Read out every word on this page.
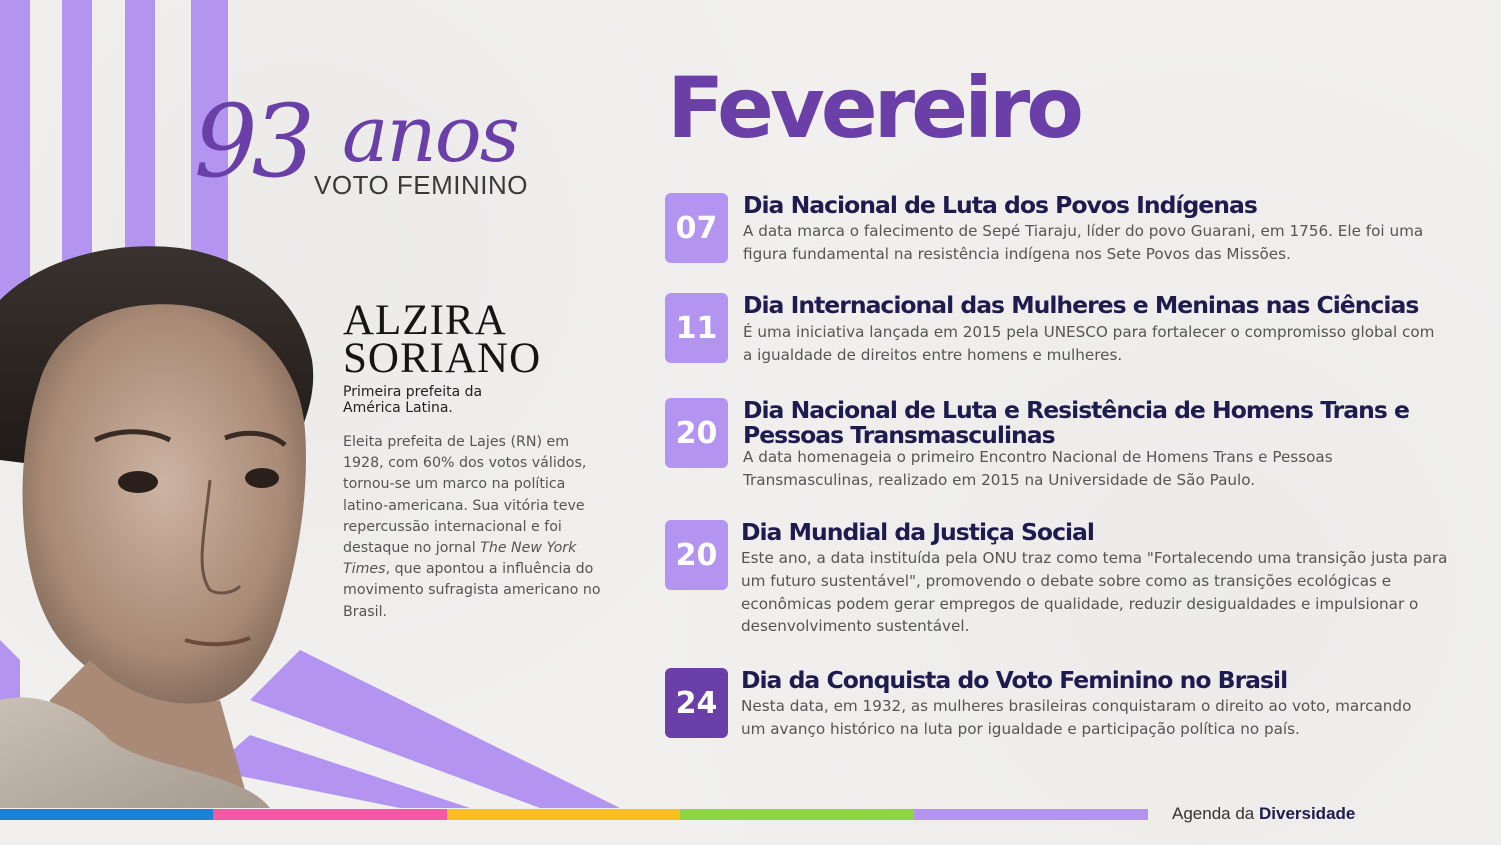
93 anos
VOTO FEMININO
ALZIRA
SORIANO
Primeira prefeita da América Latina.
Eleita prefeita de Lajes (RN) em 1928, com 60% dos votos válidos, tornou-se um marco na política latino-americana. Sua vitória teve repercussão internacional e foi destaque no jornal The New York Times, que apontou a influência do movimento sufragista americano no Brasil.
Fevereiro
07
Dia Nacional de Luta dos Povos Indígenas
A data marca o falecimento de Sepé Tiaraju, líder do povo Guarani, em 1756. Ele foi uma figura fundamental na resistência indígena nos Sete Povos das Missões.
11
Dia Internacional das Mulheres e Meninas nas Ciências
É uma iniciativa lançada em 2015 pela UNESCO para fortalecer o compromisso global com a igualdade de direitos entre homens e mulheres.
20
Dia Nacional de Luta e Resistência de Homens Trans e Pessoas Transmasculinas
A data homenageia o primeiro Encontro Nacional de Homens Trans e Pessoas Transmasculinas, realizado em 2015 na Universidade de São Paulo.
20
Dia Mundial da Justiça Social
Este ano, a data instituída pela ONU traz como tema "Fortalecendo uma transição justa para um futuro sustentável", promovendo o debate sobre como as transições ecológicas e econômicas podem gerar empregos de qualidade, reduzir desigualdades e impulsionar o desenvolvimento sustentável.
24
Dia da Conquista do Voto Feminino no Brasil
Nesta data, em 1932, as mulheres brasileiras conquistaram o direito ao voto, marcando um avanço histórico na luta por igualdade e participação política no país.
Agenda da Diversidade
